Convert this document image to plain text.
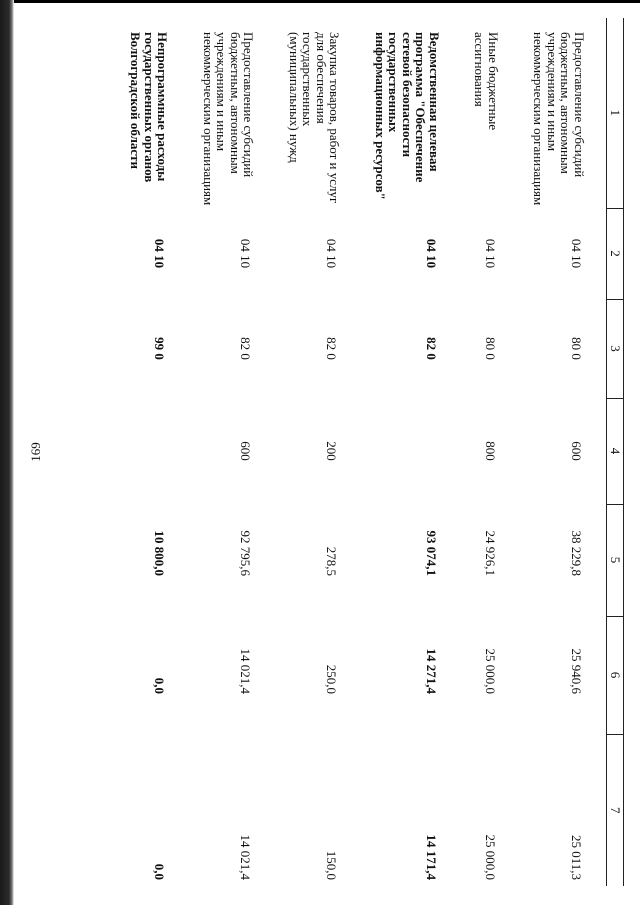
169
1	2	3	4	5	6	7
Предоставление субсидий бюджетным, автономным учреждениям и иным некоммерческим организациям	04 10	80 0	600	38 229,8	25 940,6	25 011,3
Иные бюджетные ассигнования	04 10	80 0	800	24 926,1	25 000,0	25 000,0
Ведомственная целевая программа "Обеспечение сетевой безопасности государственных информационных ресурсов"	04 10	82 0		93 074,1	14 271,4	14 171,4
Закупка товаров, работ и услуг для обеспечения государственных (муниципальных) нужд	04 10	82 0	200	278,5	250,0	150,0
Предоставление субсидий бюджетным, автономным учреждениям и иным некоммерческим организациям	04 10	82 0	600	92 795,6	14 021,4	14 021,4
Непрограммные расходы государственных органов Волгоградской области	04 10	99 0		10 800,0	0,0	0,0
